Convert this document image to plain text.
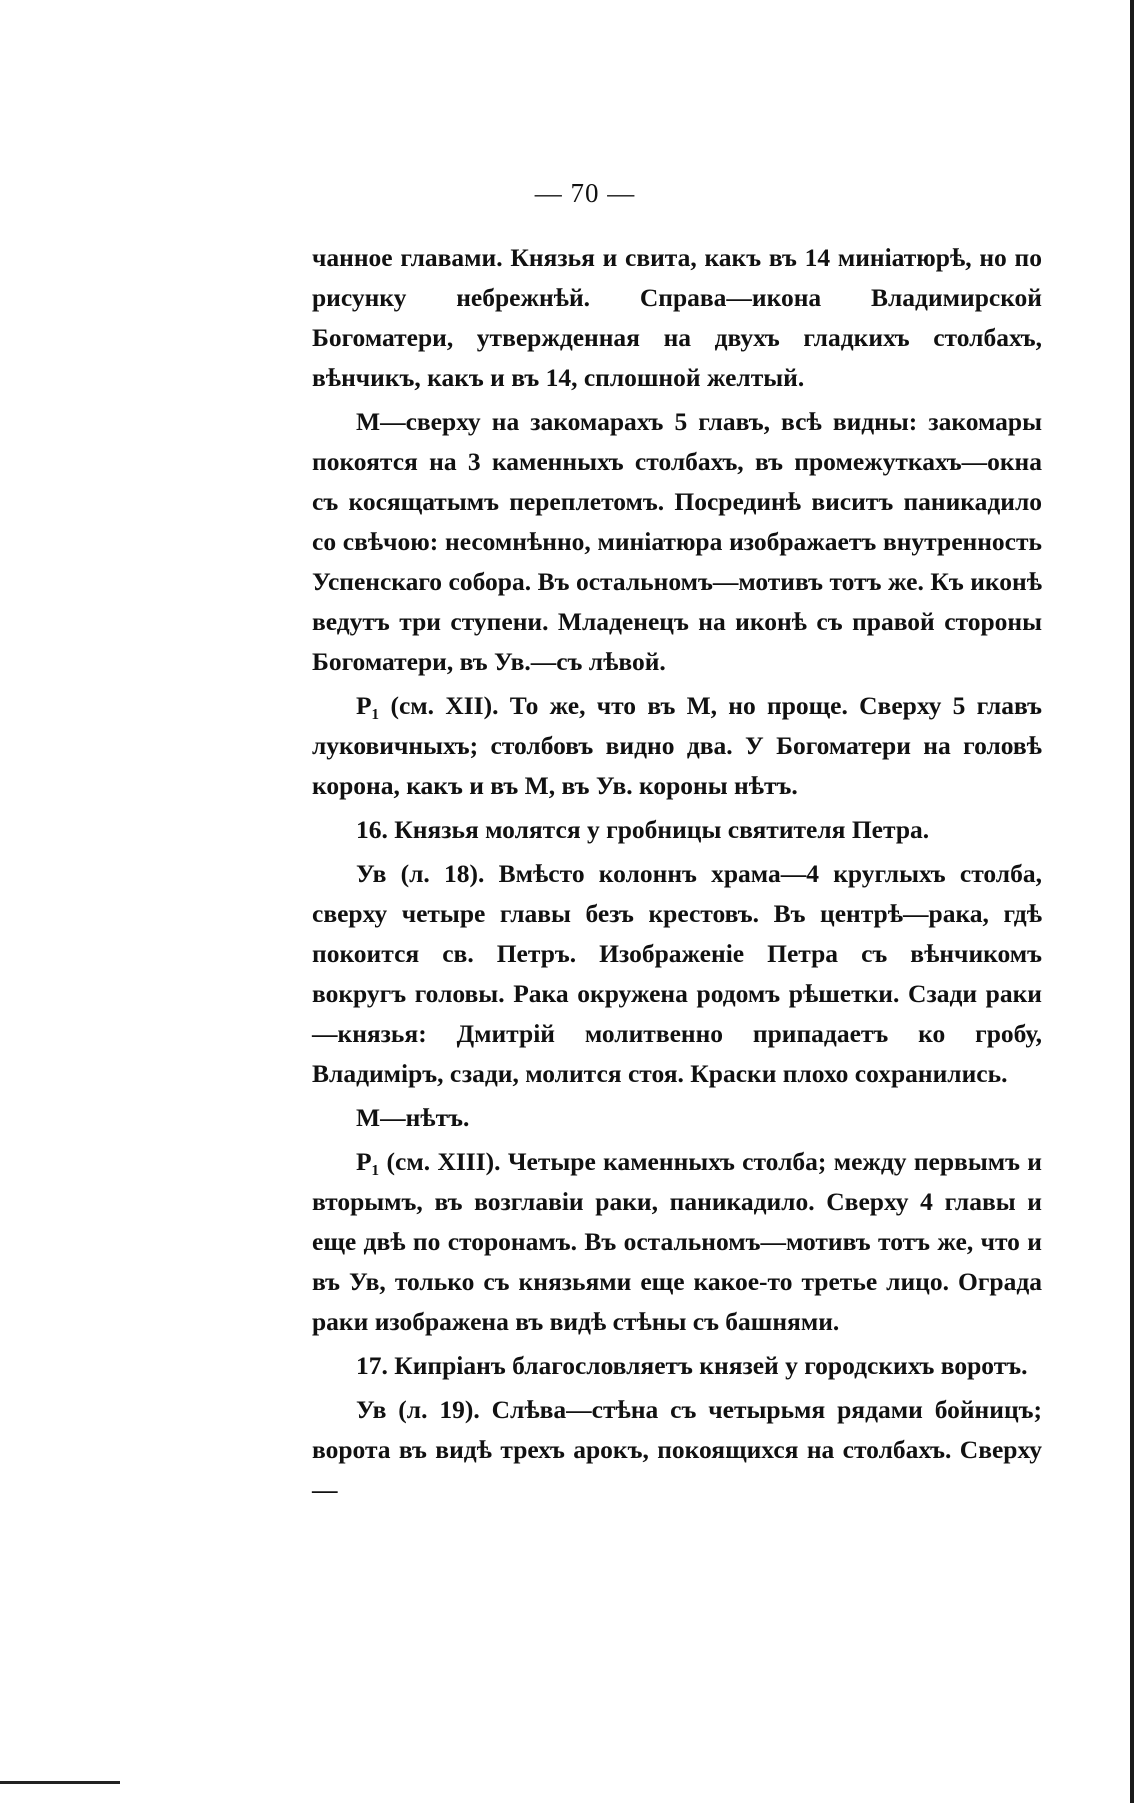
— 70 —

чанное главами. Князья и свита, какъ въ 14 миніатюрѣ, но по рисунку небрежнѣй. Справа—икона Владимирской Богоматери, утвержденная на двухъ гладкихъ столбахъ, вѣнчикъ, какъ и въ 14, сплошной желтый.

М—сверху на закомарахъ 5 главъ, всѣ видны: закомары покоятся на 3 каменныхъ столбахъ, въ промежуткахъ—окна съ косящатымъ переплетомъ. Посрединѣ виситъ паникадило со свѣчою: несомнѣнно, миніатюра изображаетъ внутренность Успенскаго собора. Въ остальномъ—мотивъ тотъ же. Къ иконѣ ведутъ три ступени. Младенецъ на иконѣ съ правой стороны Богоматери, въ Ув.—съ лѣвой.

Р₁ (см. XII). То же, что въ М, но проще. Сверху 5 главъ луковичныхъ; столбовъ видно два. У Богоматери на головѣ корона, какъ и въ М, въ Ув. короны нѣтъ.

16. Князья молятся у гробницы святителя Петра.

Ув (л. 18). Вмѣсто колоннъ храма—4 круглыхъ столба, сверху четыре главы безъ крестовъ. Въ центрѣ—рака, гдѣ покоится св. Петръ. Изображеніе Петра съ вѣнчикомъ вокругъ головы. Рака окружена родомъ рѣшетки. Сзади раки—князья: Дмитрій молитвенно припадаетъ ко гробу, Владиміръ, сзади, молится стоя. Краски плохо сохранились.

М—нѣтъ.

Р₁ (см. XIII). Четыре каменныхъ столба; между первымъ и вторымъ, въ возглавіи раки, паникадило. Сверху 4 главы и еще двѣ по сторонамъ. Въ остальномъ—мотивъ тотъ же, что и въ Ув, только съ князьями еще какое-то третье лицо. Ограда раки изображена въ видѣ стѣны съ башнями.

17. Кипріанъ благословляетъ князей у городскихъ воротъ.

Ув (л. 19). Слѣва—стѣна съ четырьмя рядами бойницъ; ворота въ видѣ трехъ арокъ, покоящихся на столбахъ. Сверху—
